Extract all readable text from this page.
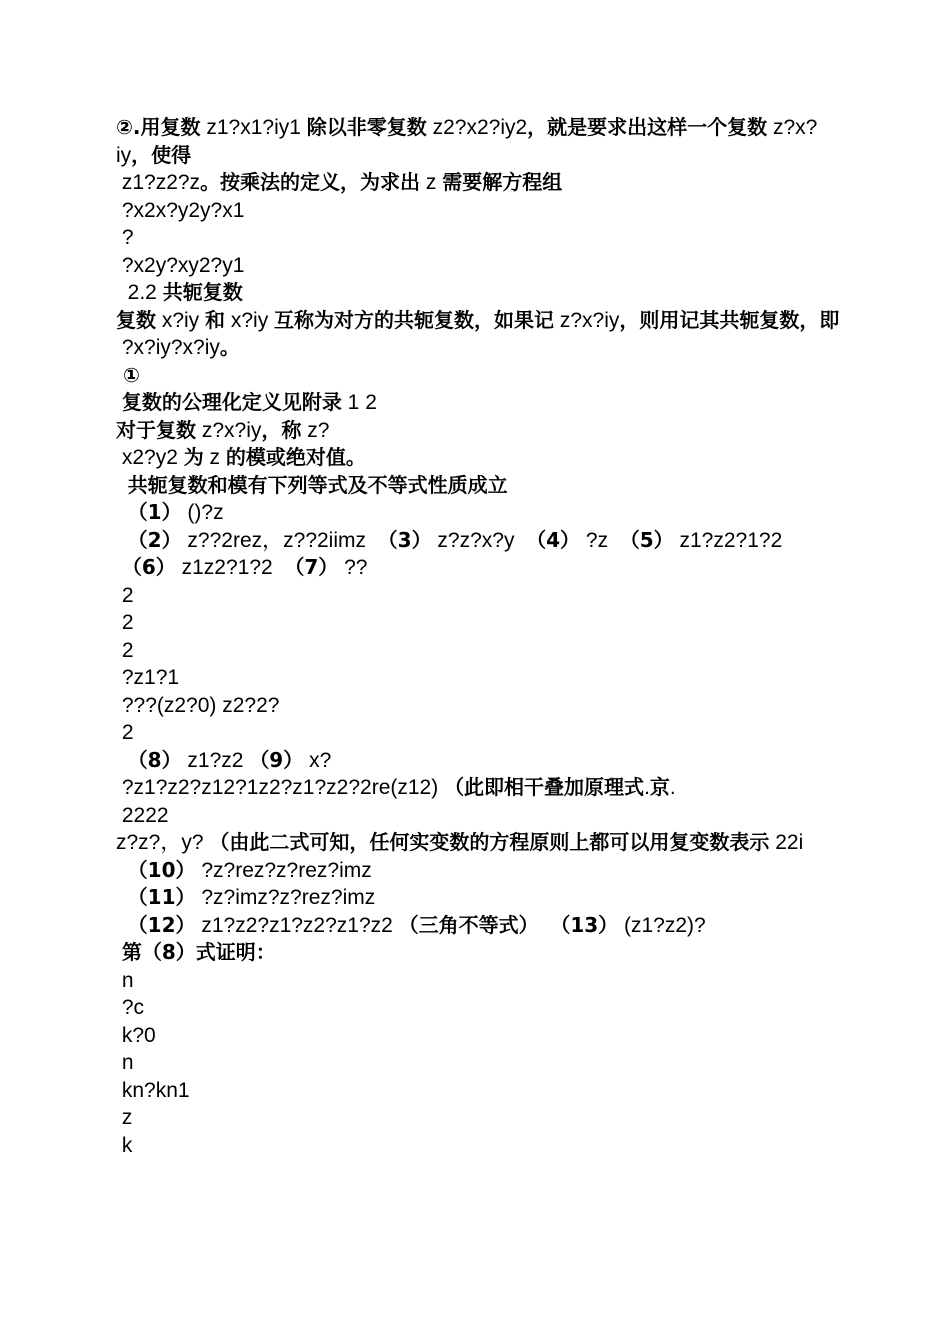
②.用复数 z1?x1?iy1 除以非零复数 z2?x2?iy2，就是要求出这样一个复数 z?x?iy，使得
z1?z2?z。按乘法的定义，为求出 z 需要解方程组
?x2x?y2y?x1
?
?x2y?xy2?y1
2.2 共轭复数
复数 x?iy 和 x?iy 互称为对方的共轭复数，如果记 z?x?iy，则用记其共轭复数，即
?x?iy?x?iy。
①
复数的公理化定义见附录 1 2
对于复数 z?x?iy，称 z?
x2?y2 为 z 的模或绝对值。
共轭复数和模有下列等式及不等式性质成立
（1） ()?z
（2） z??2rez，z??2iimz  （3） z?z?x?y  （4） ?z  （5） z1?z2?1?2
（6） z1z2?1?2  （7） ??
2
2
2
?z1?1
???(z2?0) z2?2?
2
（8） z1?z2 （9） x?
?z1?z2?z12?1z2?z1?z2?2re(z12) （此即相干叠加原理式.京.
2222
z?z?，y? （由此二式可知，任何实变数的方程原则上都可以用复变数表示 22i
（10） ?z?rez?z?rez?imz
（11） ?z?imz?z?rez?imz
（12） z1?z2?z1?z2?z1?z2 （三角不等式） （13） (z1?z2)?
第（8）式证明：
n
?c
k?0
n
kn?kn1
z
k
